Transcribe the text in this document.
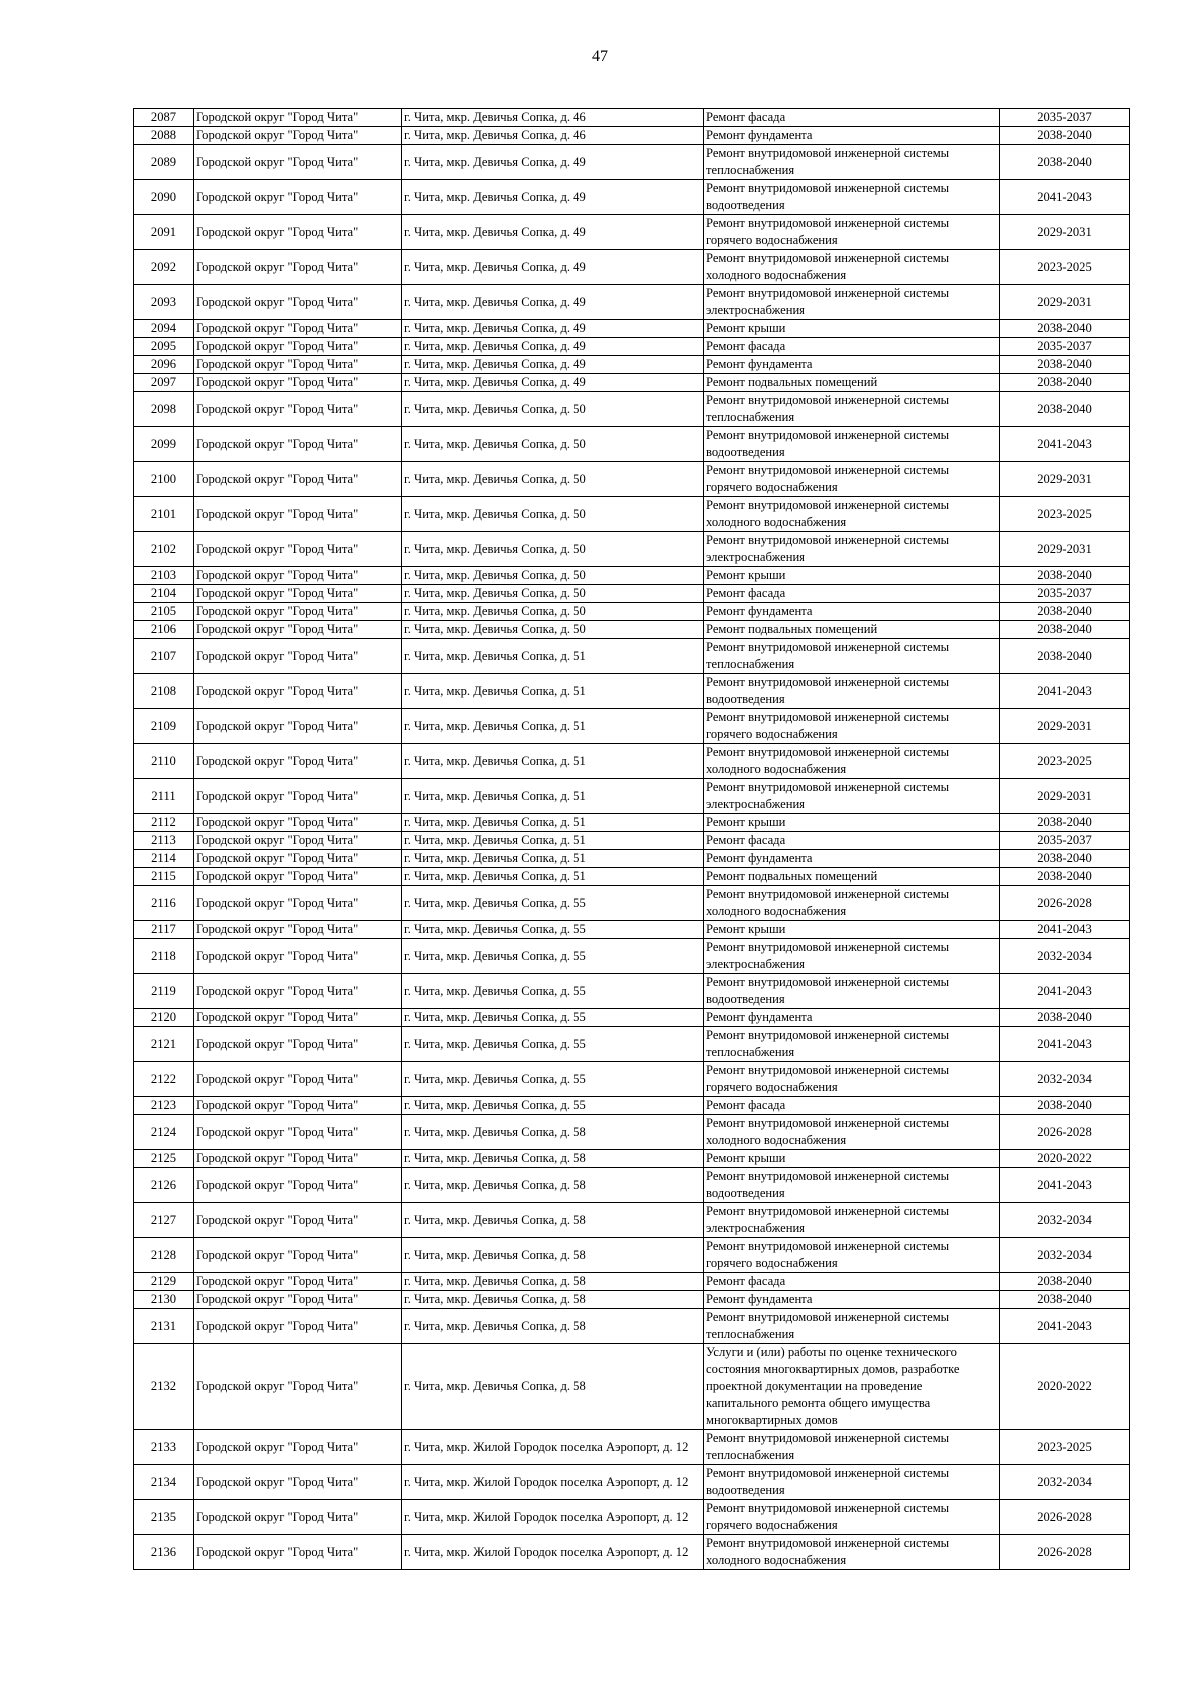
47
2087	Городской округ "Город Чита"	г. Чита, мкр. Девичья Сопка, д. 46	Ремонт фасада	2035-2037
2088	Городской округ "Город Чита"	г. Чита, мкр. Девичья Сопка, д. 46	Ремонт фундамента	2038-2040
2089	Городской округ "Город Чита"	г. Чита, мкр. Девичья Сопка, д. 49	Ремонт внутридомовой инженерной системы теплоснабжения	2038-2040
2090	Городской округ "Город Чита"	г. Чита, мкр. Девичья Сопка, д. 49	Ремонт внутридомовой инженерной системы водоотведения	2041-2043
2091	Городской округ "Город Чита"	г. Чита, мкр. Девичья Сопка, д. 49	Ремонт внутридомовой инженерной системы горячего водоснабжения	2029-2031
2092	Городской округ "Город Чита"	г. Чита, мкр. Девичья Сопка, д. 49	Ремонт внутридомовой инженерной системы холодного водоснабжения	2023-2025
2093	Городской округ "Город Чита"	г. Чита, мкр. Девичья Сопка, д. 49	Ремонт внутридомовой инженерной системы электроснабжения	2029-2031
2094	Городской округ "Город Чита"	г. Чита, мкр. Девичья Сопка, д. 49	Ремонт крыши	2038-2040
2095	Городской округ "Город Чита"	г. Чита, мкр. Девичья Сопка, д. 49	Ремонт фасада	2035-2037
2096	Городской округ "Город Чита"	г. Чита, мкр. Девичья Сопка, д. 49	Ремонт фундамента	2038-2040
2097	Городской округ "Город Чита"	г. Чита, мкр. Девичья Сопка, д. 49	Ремонт подвальных помещений	2038-2040
2098	Городской округ "Город Чита"	г. Чита, мкр. Девичья Сопка, д. 50	Ремонт внутридомовой инженерной системы теплоснабжения	2038-2040
2099	Городской округ "Город Чита"	г. Чита, мкр. Девичья Сопка, д. 50	Ремонт внутридомовой инженерной системы водоотведения	2041-2043
2100	Городской округ "Город Чита"	г. Чита, мкр. Девичья Сопка, д. 50	Ремонт внутридомовой инженерной системы горячего водоснабжения	2029-2031
2101	Городской округ "Город Чита"	г. Чита, мкр. Девичья Сопка, д. 50	Ремонт внутридомовой инженерной системы холодного водоснабжения	2023-2025
2102	Городской округ "Город Чита"	г. Чита, мкр. Девичья Сопка, д. 50	Ремонт внутридомовой инженерной системы электроснабжения	2029-2031
2103	Городской округ "Город Чита"	г. Чита, мкр. Девичья Сопка, д. 50	Ремонт крыши	2038-2040
2104	Городской округ "Город Чита"	г. Чита, мкр. Девичья Сопка, д. 50	Ремонт фасада	2035-2037
2105	Городской округ "Город Чита"	г. Чита, мкр. Девичья Сопка, д. 50	Ремонт фундамента	2038-2040
2106	Городской округ "Город Чита"	г. Чита, мкр. Девичья Сопка, д. 50	Ремонт подвальных помещений	2038-2040
2107	Городской округ "Город Чита"	г. Чита, мкр. Девичья Сопка, д. 51	Ремонт внутридомовой инженерной системы теплоснабжения	2038-2040
2108	Городской округ "Город Чита"	г. Чита, мкр. Девичья Сопка, д. 51	Ремонт внутридомовой инженерной системы водоотведения	2041-2043
2109	Городской округ "Город Чита"	г. Чита, мкр. Девичья Сопка, д. 51	Ремонт внутридомовой инженерной системы горячего водоснабжения	2029-2031
2110	Городской округ "Город Чита"	г. Чита, мкр. Девичья Сопка, д. 51	Ремонт внутридомовой инженерной системы холодного водоснабжения	2023-2025
2111	Городской округ "Город Чита"	г. Чита, мкр. Девичья Сопка, д. 51	Ремонт внутридомовой инженерной системы электроснабжения	2029-2031
2112	Городской округ "Город Чита"	г. Чита, мкр. Девичья Сопка, д. 51	Ремонт крыши	2038-2040
2113	Городской округ "Город Чита"	г. Чита, мкр. Девичья Сопка, д. 51	Ремонт фасада	2035-2037
2114	Городской округ "Город Чита"	г. Чита, мкр. Девичья Сопка, д. 51	Ремонт фундамента	2038-2040
2115	Городской округ "Город Чита"	г. Чита, мкр. Девичья Сопка, д. 51	Ремонт подвальных помещений	2038-2040
2116	Городской округ "Город Чита"	г. Чита, мкр. Девичья Сопка, д. 55	Ремонт внутридомовой инженерной системы холодного водоснабжения	2026-2028
2117	Городской округ "Город Чита"	г. Чита, мкр. Девичья Сопка, д. 55	Ремонт крыши	2041-2043
2118	Городской округ "Город Чита"	г. Чита, мкр. Девичья Сопка, д. 55	Ремонт внутридомовой инженерной системы электроснабжения	2032-2034
2119	Городской округ "Город Чита"	г. Чита, мкр. Девичья Сопка, д. 55	Ремонт внутридомовой инженерной системы водоотведения	2041-2043
2120	Городской округ "Город Чита"	г. Чита, мкр. Девичья Сопка, д. 55	Ремонт фундамента	2038-2040
2121	Городской округ "Город Чита"	г. Чита, мкр. Девичья Сопка, д. 55	Ремонт внутридомовой инженерной системы теплоснабжения	2041-2043
2122	Городской округ "Город Чита"	г. Чита, мкр. Девичья Сопка, д. 55	Ремонт внутридомовой инженерной системы горячего водоснабжения	2032-2034
2123	Городской округ "Город Чита"	г. Чита, мкр. Девичья Сопка, д. 55	Ремонт фасада	2038-2040
2124	Городской округ "Город Чита"	г. Чита, мкр. Девичья Сопка, д. 58	Ремонт внутридомовой инженерной системы холодного водоснабжения	2026-2028
2125	Городской округ "Город Чита"	г. Чита, мкр. Девичья Сопка, д. 58	Ремонт крыши	2020-2022
2126	Городской округ "Город Чита"	г. Чита, мкр. Девичья Сопка, д. 58	Ремонт внутридомовой инженерной системы водоотведения	2041-2043
2127	Городской округ "Город Чита"	г. Чита, мкр. Девичья Сопка, д. 58	Ремонт внутридомовой инженерной системы электроснабжения	2032-2034
2128	Городской округ "Город Чита"	г. Чита, мкр. Девичья Сопка, д. 58	Ремонт внутридомовой инженерной системы горячего водоснабжения	2032-2034
2129	Городской округ "Город Чита"	г. Чита, мкр. Девичья Сопка, д. 58	Ремонт фасада	2038-2040
2130	Городской округ "Город Чита"	г. Чита, мкр. Девичья Сопка, д. 58	Ремонт фундамента	2038-2040
2131	Городской округ "Город Чита"	г. Чита, мкр. Девичья Сопка, д. 58	Ремонт внутридомовой инженерной системы теплоснабжения	2041-2043
2132	Городской округ "Город Чита"	г. Чита, мкр. Девичья Сопка, д. 58	Услуги и (или) работы по оценке технического состояния многоквартирных домов, разработке проектной документации на проведение капитального ремонта общего имущества многоквартирных домов	2020-2022
2133	Городской округ "Город Чита"	г. Чита, мкр. Жилой Городок поселка Аэропорт, д. 12	Ремонт внутридомовой инженерной системы теплоснабжения	2023-2025
2134	Городской округ "Город Чита"	г. Чита, мкр. Жилой Городок поселка Аэропорт, д. 12	Ремонт внутридомовой инженерной системы водоотведения	2032-2034
2135	Городской округ "Город Чита"	г. Чита, мкр. Жилой Городок поселка Аэропорт, д. 12	Ремонт внутридомовой инженерной системы горячего водоснабжения	2026-2028
2136	Городской округ "Город Чита"	г. Чита, мкр. Жилой Городок поселка Аэропорт, д. 12	Ремонт внутридомовой инженерной системы холодного водоснабжения	2026-2028
